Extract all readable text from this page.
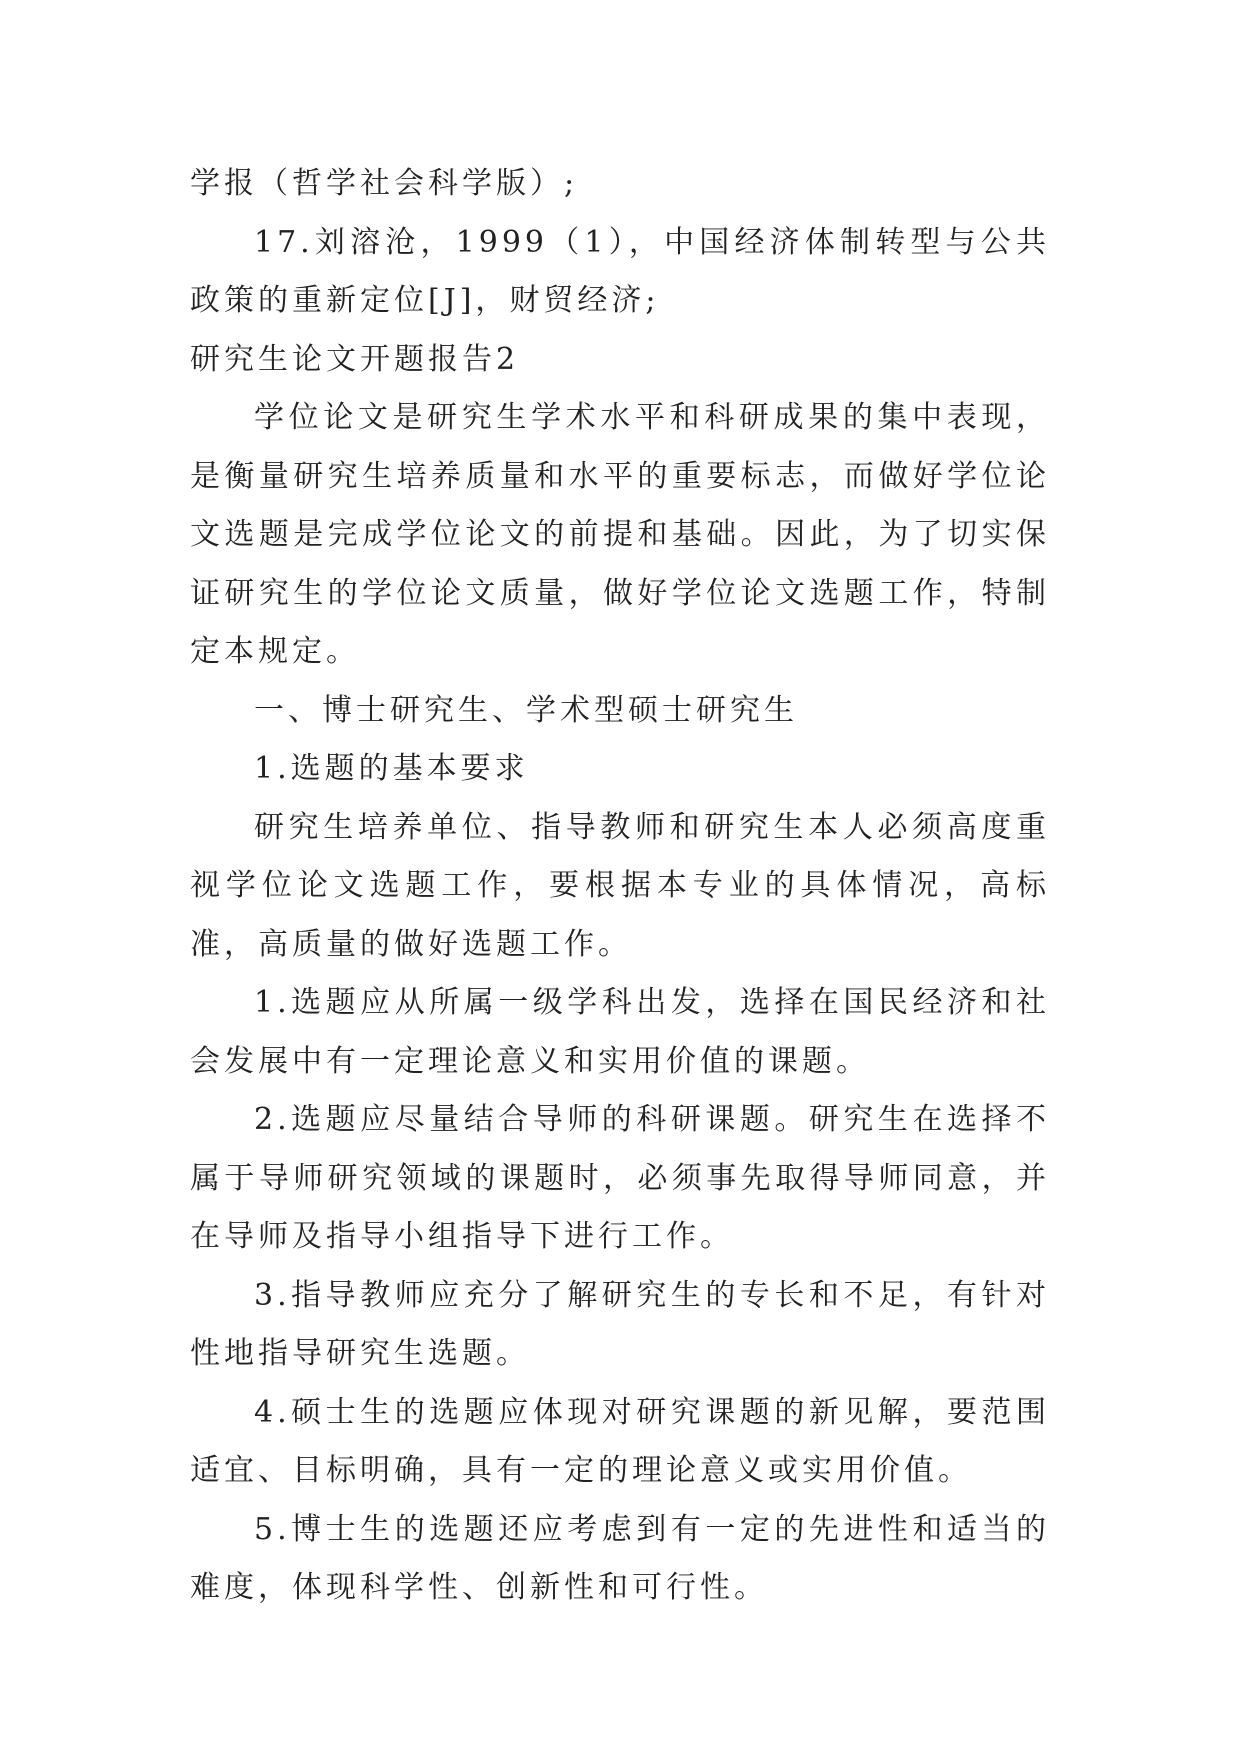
学报（哲学社会科学版）;

17.刘溶沧，1999（1），中国经济体制转型与公共政策的重新定位[J]，财贸经济;

研究生论文开题报告2

学位论文是研究生学术水平和科研成果的集中表现，是衡量研究生培养质量和水平的重要标志，而做好学位论文选题是完成学位论文的前提和基础。因此，为了切实保证研究生的学位论文质量，做好学位论文选题工作，特制定本规定。

一、博士研究生、学术型硕士研究生

1.选题的基本要求

研究生培养单位、指导教师和研究生本人必须高度重视学位论文选题工作，要根据本专业的具体情况，高标准，高质量的做好选题工作。

1.选题应从所属一级学科出发，选择在国民经济和社会发展中有一定理论意义和实用价值的课题。

2.选题应尽量结合导师的科研课题。研究生在选择不属于导师研究领域的课题时，必须事先取得导师同意，并在导师及指导小组指导下进行工作。

3.指导教师应充分了解研究生的专长和不足，有针对性地指导研究生选题。

4.硕士生的选题应体现对研究课题的新见解，要范围适宜、目标明确，具有一定的理论意义或实用价值。

5.博士生的选题还应考虑到有一定的先进性和适当的难度，体现科学性、创新性和可行性。
